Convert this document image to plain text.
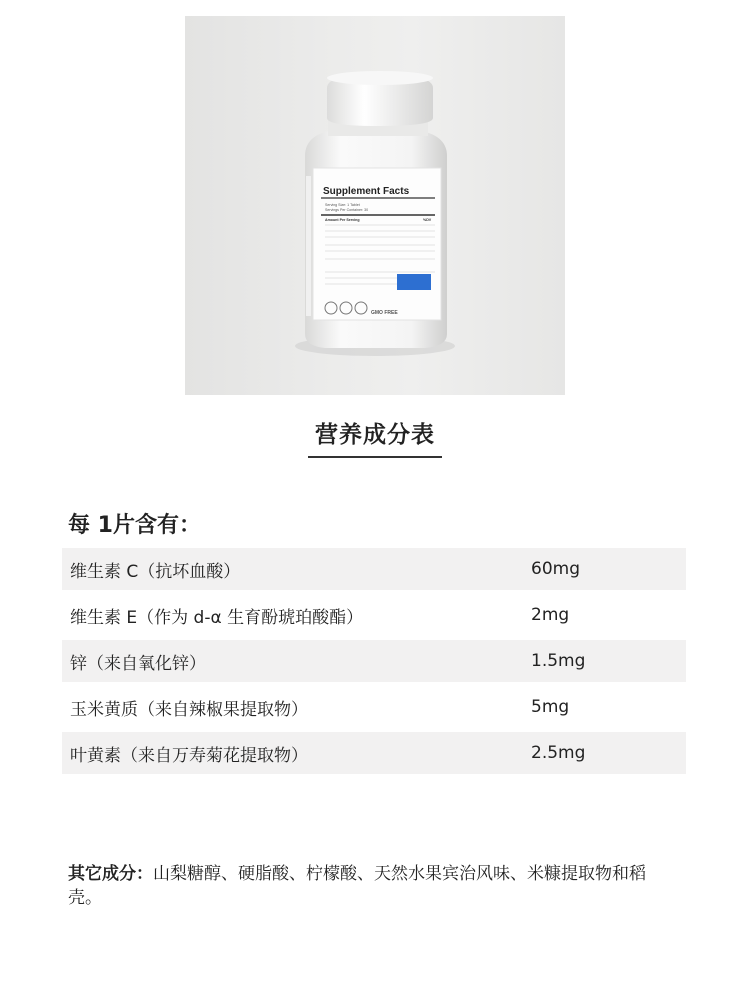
Supplement Facts
Serving Size: 1 Tablet
Servings Per Container: 30
Amount Per Serving	%DV
GMO FREE
营养成分表
每 1片含有：
维生素 C（抗坏血酸）	60mg
维生素 E（作为 d-α 生育酚琥珀酸酯）	2mg
锌（来自氧化锌）	1.5mg
玉米黄质（来自辣椒果提取物）	5mg
叶黄素（来自万寿菊花提取物）	2.5mg
其它成分：山梨糖醇、硬脂酸、柠檬酸、天然水果宾治风味、米糠提取物和稻壳。
